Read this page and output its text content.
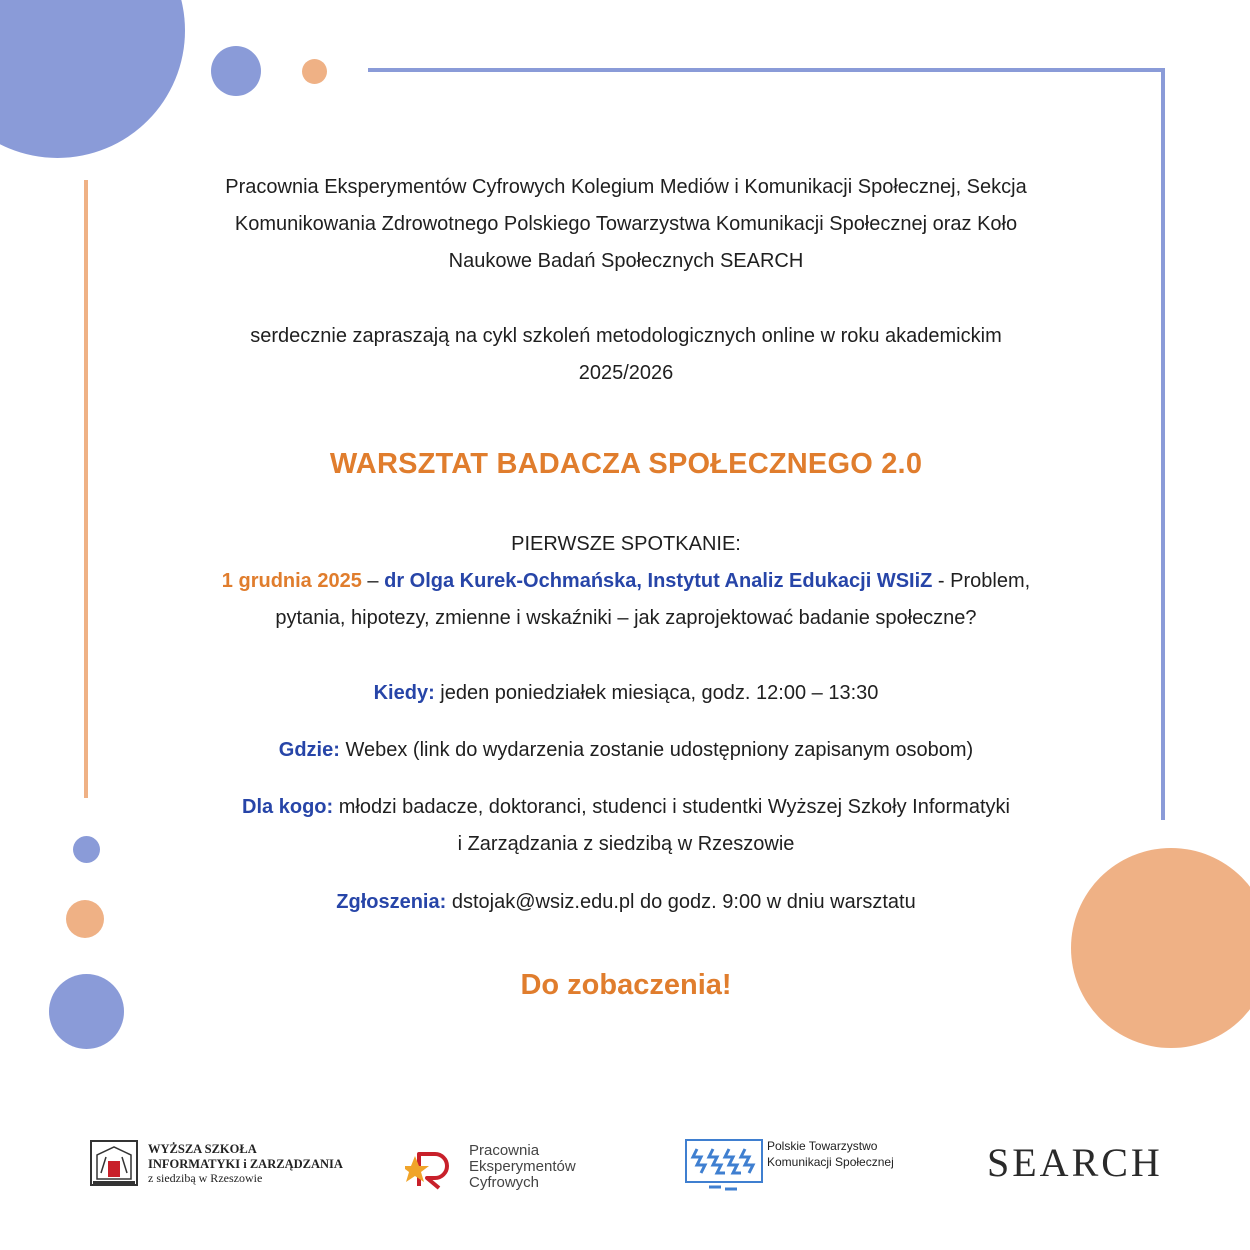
Pracownia Eksperymentów Cyfrowych Kolegium Mediów i Komunikacji Społecznej, Sekcja
Komunikowania Zdrowotnego Polskiego Towarzystwa Komunikacji Społecznej oraz Koło
Naukowe Badań Społecznych SEARCH
serdecznie zapraszają na cykl szkoleń metodologicznych online w roku akademickim
2025/2026
WARSZTAT BADACZA SPOŁECZNEGO 2.0
PIERWSZE SPOTKANIE:
1 grudnia 2025 – dr Olga Kurek-Ochmańska, Instytut Analiz Edukacji WSIiZ - Problem,
pytania, hipotezy, zmienne i wskaźniki – jak zaprojektować badanie społeczne?
Kiedy: jeden poniedziałek miesiąca, godz. 12:00 – 13:30
Gdzie: Webex (link do wydarzenia zostanie udostępniony zapisanym osobom)
Dla kogo: młodzi badacze, doktoranci, studenci i studentki Wyższej Szkoły Informatyki
i Zarządzania z siedzibą w Rzeszowie
Zgłoszenia: dstojak@wsiz.edu.pl do godz. 9:00 w dniu warsztatu
Do zobaczenia!
WYŻSZA SZKOŁA
INFORMATYKI i ZARZĄDZANIA
z siedzibą w Rzeszowie
Pracownia
Eksperymentów
Cyfrowych
Polskie Towarzystwo
Komunikacji Społecznej SEARCH
